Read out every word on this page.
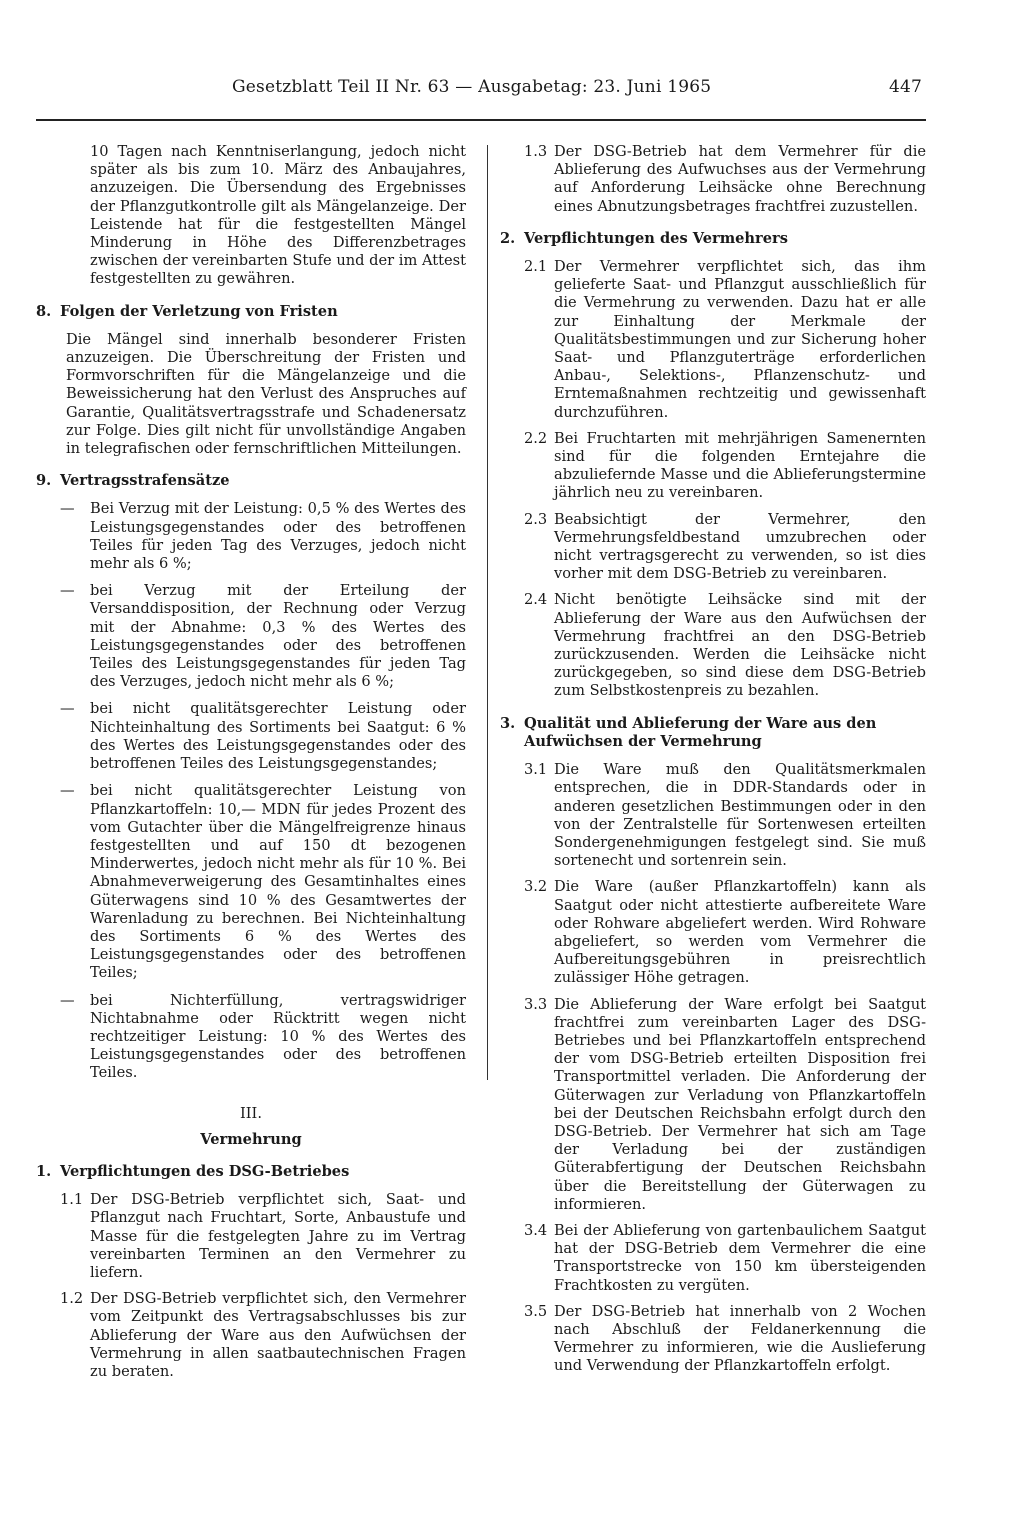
Gesetzblatt Teil II Nr. 63 — Ausgabetag: 23. Juni 1965	447

10 Tagen nach Kenntniserlangung, jedoch nicht später als bis zum 10. März des Anbaujahres, anzuzeigen. Die Übersendung des Ergebnisses der Pflanzgutkontrolle gilt als Mängelanzeige. Der Leistende hat für die festgestellten Mängel Minderung in Höhe des Differenzbetrages zwischen der vereinbarten Stufe und der im Attest festgestellten zu gewähren.

8. Folgen der Verletzung von Fristen

Die Mängel sind innerhalb besonderer Fristen anzuzeigen. Die Überschreitung der Fristen und Formvorschriften für die Mängelanzeige und die Beweissicherung hat den Verlust des Anspruches auf Garantie, Qualitätsvertragsstrafe und Schadenersatz zur Folge. Dies gilt nicht für unvollständige Angaben in telegrafischen oder fernschriftlichen Mitteilungen.

9. Vertragsstrafensätze
— Bei Verzug mit der Leistung: 0,5 % des Wertes des Leistungsgegenstandes oder des betroffenen Teiles für jeden Tag des Verzuges, jedoch nicht mehr als 6 %;

— bei Verzug mit der Erteilung der Versanddisposition, der Rechnung oder Verzug mit der Abnahme: 0,3 % des Wertes des Leistungsgegenstandes oder des betroffenen Teiles des Leistungsgegenstandes für jeden Tag des Verzuges, jedoch nicht mehr als 6 %;

— bei nicht qualitätsgerechter Leistung oder Nichteinhaltung des Sortiments bei Saatgut: 6 % des Wertes des Leistungsgegenstandes oder des betroffenen Teiles des Leistungsgegenstandes;

— bei nicht qualitätsgerechter Leistung von Pflanzkartoffeln: 10,— MDN für jedes Prozent des vom Gutachter über die Mängelfreigrenze hinaus festgestellten und auf 150 dt bezogenen Minderwertes, jedoch nicht mehr als für 10 %. Bei Abnahmeverweigerung des Gesamtinhaltes eines Güterwagens sind 10 % des Gesamtwertes der Warenladung zu berechnen. Bei Nichteinhaltung des Sortiments 6 % des Wertes des Leistungsgegenstandes oder des betroffenen Teiles;

— bei Nichterfüllung, vertragswidriger Nichtabnahme oder Rücktritt wegen nicht rechtzeitiger Leistung: 10 % des Wertes des Leistungsgegenstandes oder des betroffenen Teiles.

III.

Vermehrung

1. Verpflichtungen des DSG-Betriebes
1.1 Der DSG-Betrieb verpflichtet sich, Saat- und Pflanzgut nach Fruchtart, Sorte, Anbaustufe und Masse für die festgelegten Jahre zu im Vertrag vereinbarten Terminen an den Vermehrer zu liefern.

1.2 Der DSG-Betrieb verpflichtet sich, den Vermehrer vom Zeitpunkt des Vertragsabschlusses bis zur Ablieferung der Ware aus den Aufwüchsen der Vermehrung in allen saatbautechnischen Fragen zu beraten.

1.3 Der DSG-Betrieb hat dem Vermehrer für die Ablieferung des Aufwuchses aus der Vermehrung auf Anforderung Leihsäcke ohne Berechnung eines Abnutzungsbetrages frachtfrei zuzustellen.

2. Verpflichtungen des Vermehrers
2.1 Der Vermehrer verpflichtet sich, das ihm gelieferte Saat- und Pflanzgut ausschließlich für die Vermehrung zu verwenden. Dazu hat er alle zur Einhaltung der Merkmale der Qualitätsbestimmungen und zur Sicherung hoher Saat- und Pflanzguterträge erforderlichen Anbau-, Selektions-, Pflanzenschutz- und Erntemaßnahmen rechtzeitig und gewissenhaft durchzuführen.

2.2 Bei Fruchtarten mit mehrjährigen Samenernten sind für die folgenden Erntejahre die abzuliefernde Masse und die Ablieferungstermine jährlich neu zu vereinbaren.

2.3 Beabsichtigt der Vermehrer, den Vermehrungsfeldbestand umzubrechen oder nicht vertragsgerecht zu verwenden, so ist dies vorher mit dem DSG-Betrieb zu vereinbaren.

2.4 Nicht benötigte Leihsäcke sind mit der Ablieferung der Ware aus den Aufwüchsen der Vermehrung frachtfrei an den DSG-Betrieb zurückzusenden. Werden die Leihsäcke nicht zurückgegeben, so sind diese dem DSG-Betrieb zum Selbstkostenpreis zu bezahlen.

3. Qualität und Ablieferung der Ware aus den Aufwüchsen der Vermehrung
3.1 Die Ware muß den Qualitätsmerkmalen entsprechen, die in DDR-Standards oder in anderen gesetzlichen Bestimmungen oder in den von der Zentralstelle für Sortenwesen erteilten Sondergenehmigungen festgelegt sind. Sie muß sortenecht und sortenrein sein.

3.2 Die Ware (außer Pflanzkartoffeln) kann als Saatgut oder nicht attestierte aufbereitete Ware oder Rohware abgeliefert werden. Wird Rohware abgeliefert, so werden vom Vermehrer die Aufbereitungsgebühren in preisrechtlich zulässiger Höhe getragen.

3.3 Die Ablieferung der Ware erfolgt bei Saatgut frachtfrei zum vereinbarten Lager des DSG-Betriebes und bei Pflanzkartoffeln entsprechend der vom DSG-Betrieb erteilten Disposition frei Transportmittel verladen. Die Anforderung der Güterwagen zur Verladung von Pflanzkartoffeln bei der Deutschen Reichsbahn erfolgt durch den DSG-Betrieb. Der Vermehrer hat sich am Tage der Verladung bei der zuständigen Güterabfertigung der Deutschen Reichsbahn über die Bereitstellung der Güterwagen zu informieren.

3.4 Bei der Ablieferung von gartenbaulichem Saatgut hat der DSG-Betrieb dem Vermehrer die eine Transportstrecke von 150 km übersteigenden Frachtkosten zu vergüten.

3.5 Der DSG-Betrieb hat innerhalb von 2 Wochen nach Abschluß der Feldanerkennung die Vermehrer zu informieren, wie die Auslieferung und Verwendung der Pflanzkartoffeln erfolgt.
